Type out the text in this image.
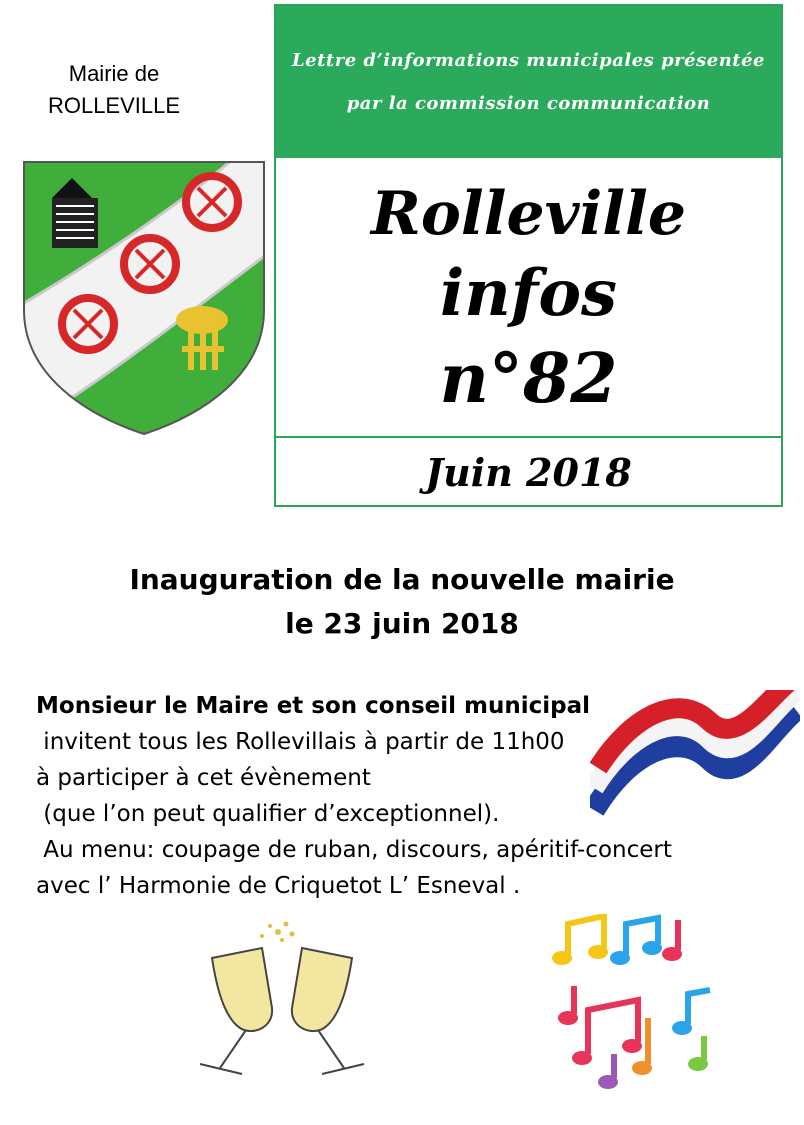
Mairie de
ROLLEVILLE
Lettre d’informations municipales présentée
par la commission communication
Rolleville
infos
n°82
Juin 2018
Inauguration de la nouvelle mairie
le 23 juin 2018
Monsieur le Maire et son conseil municipal
invitent tous les Rollevillais à partir de 11h00
à participer à cet évènement
(que l’on peut qualifier d’exceptionnel).
Au menu: coupage de ruban, discours, apéritif-concert
avec l’ Harmonie de Criquetot L’ Esneval .
